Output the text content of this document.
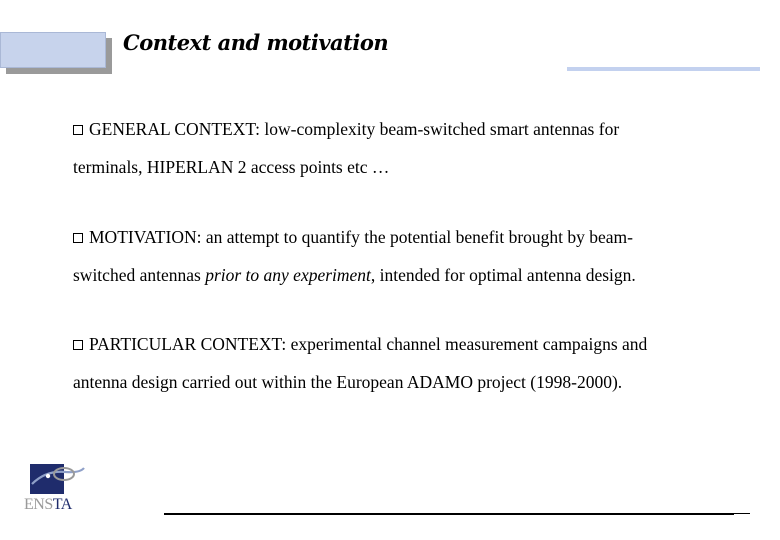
Context and motivation
GENERAL CONTEXT: low-complexity beam-switched smart antennas for
terminals, HIPERLAN 2 access points etc …
MOTIVATION: an attempt to quantify the potential benefit brought by beam-
switched antennas prior to any experiment, intended for optimal antenna design.
PARTICULAR CONTEXT: experimental channel measurement campaigns and
antenna design carried out within the European ADAMO project (1998-2000).
ENSTA
